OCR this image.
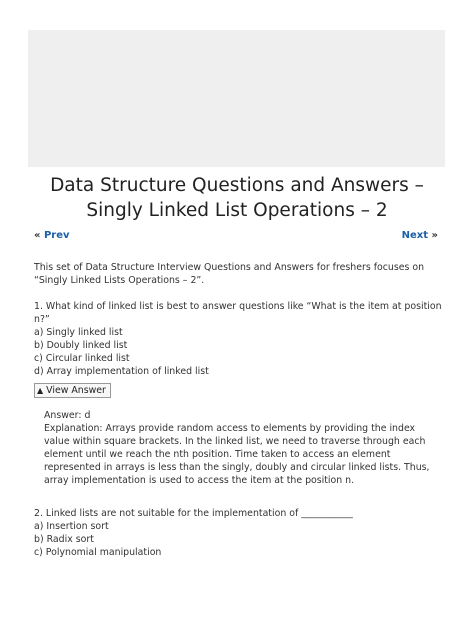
Data Structure Questions and Answers –
Singly Linked List Operations – 2
« Prev	Next »

This set of Data Structure Interview Questions and Answers for freshers focuses on “Singly Linked Lists Operations – 2”.

1. What kind of linked list is best to answer questions like “What is the item at position n?”
a) Singly linked list
b) Doubly linked list
c) Circular linked list
d) Array implementation of linked list
▲ View Answer

Answer: d

Explanation: Arrays provide random access to elements by providing the index value within square brackets. In the linked list, we need to traverse through each element until we reach the nth position. Time taken to access an element represented in arrays is less than the singly, doubly and circular linked lists. Thus, array implementation is used to access the item at the position n.

2. Linked lists are not suitable for the implementation of ___________
a) Insertion sort
b) Radix sort
c) Polynomial manipulation
